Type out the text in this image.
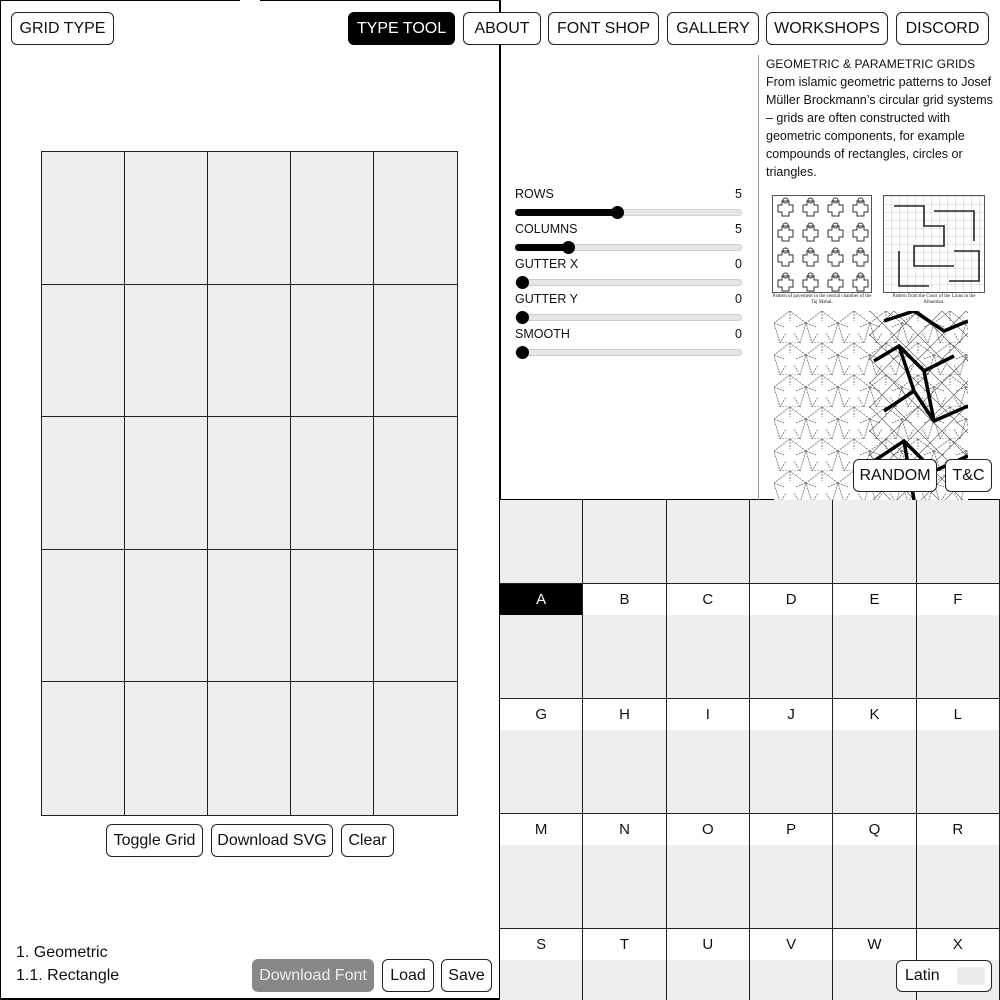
GRID TYPE	TYPE TOOL	ABOUT	FONT SHOP	GALLERY	WORKSHOPS	DISCORD
Toggle Grid	Download SVG	Clear
ROWS	5
COLUMNS	5
GUTTER X	0
GUTTER Y	0
SMOOTH	0
GEOMETRIC & PARAMETRIC GRIDS
From islamic geometric patterns to Josef Müller Brockmann’s circular grid systems – grids are often constructed with geometric components, for example compounds of rectangles, circles or triangles.
Pattern of pavement in the central chamber of the Taj Mahal.
Pattern from the Court of the Lions in the Alhambra.
RANDOM	T&C
A	B	C	D	E	F
G	H	I	J	K	L
M	N	O	P	Q	R
S	T	U	V	W	X
Latin
1. Geometric
1.1. Rectangle	Download Font	Load	Save
